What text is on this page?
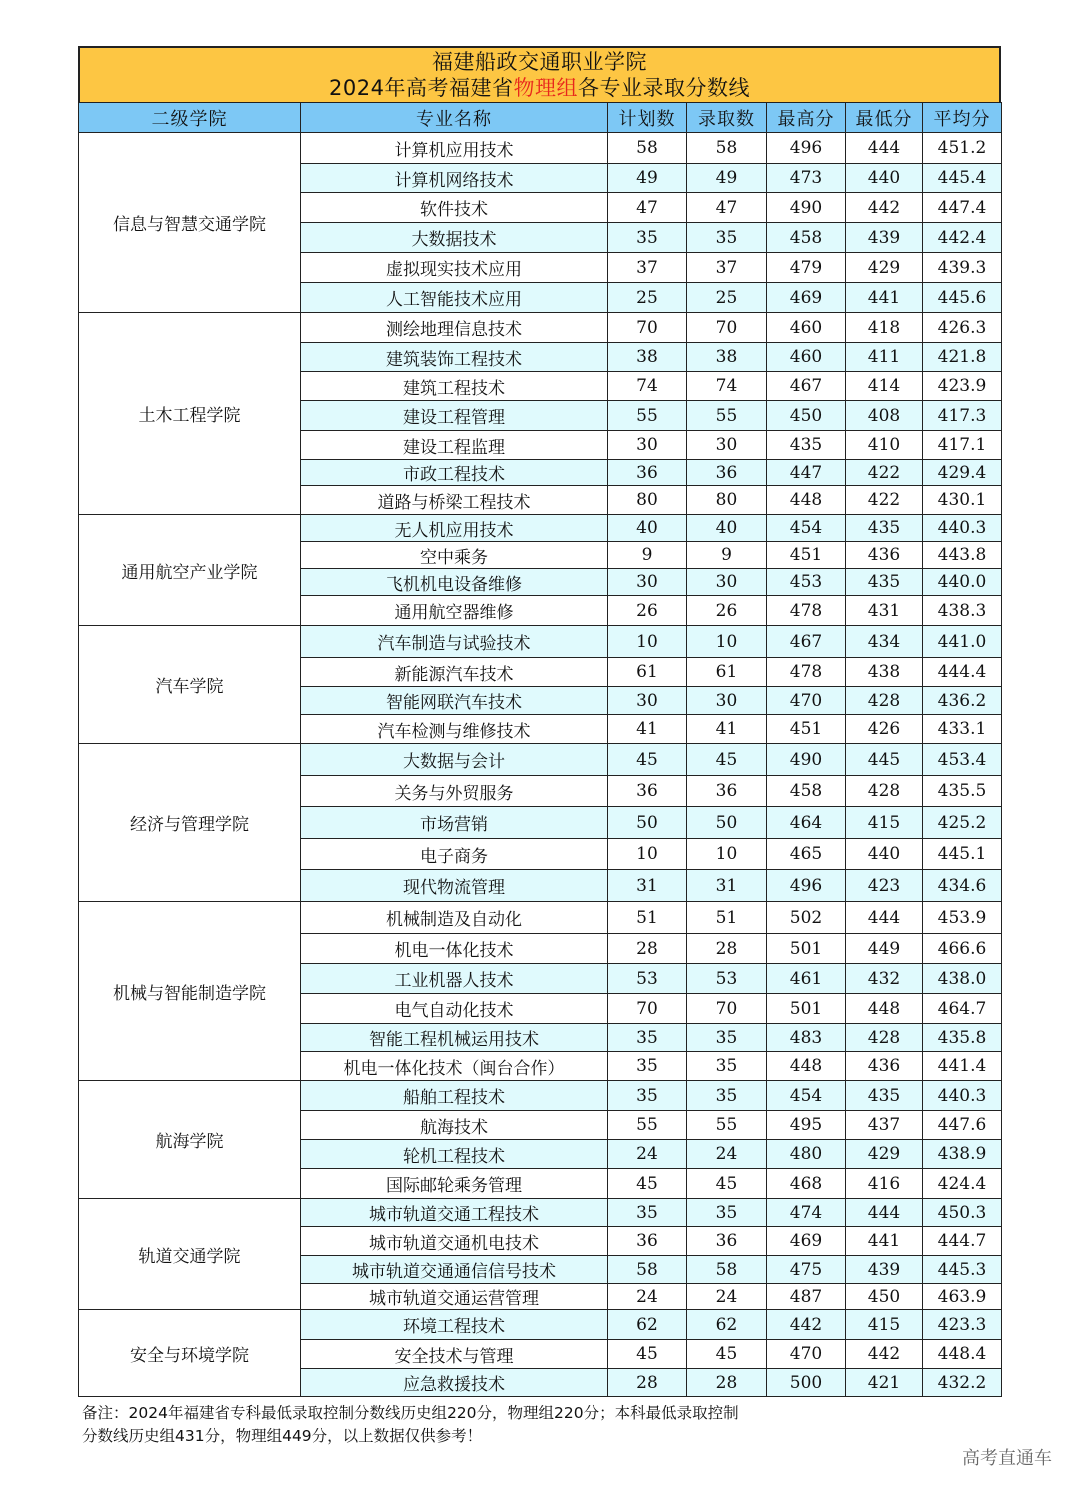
福建船政交通职业学院
2024年高考福建省物理组各专业录取分数线
二级学院	专业名称	计划数	录取数	最高分	最低分	平均分
信息与智慧交通学院	计算机应用技术	58	58	496	444	451.2
	计算机网络技术	49	49	473	440	445.4
	软件技术	47	47	490	442	447.4
	大数据技术	35	35	458	439	442.4
	虚拟现实技术应用	37	37	479	429	439.3
	人工智能技术应用	25	25	469	441	445.6
土木工程学院	测绘地理信息技术	70	70	460	418	426.3
	建筑装饰工程技术	38	38	460	411	421.8
	建筑工程技术	74	74	467	414	423.9
	建设工程管理	55	55	450	408	417.3
	建设工程监理	30	30	435	410	417.1
	市政工程技术	36	36	447	422	429.4
	道路与桥梁工程技术	80	80	448	422	430.1
通用航空产业学院	无人机应用技术	40	40	454	435	440.3
	空中乘务	9	9	451	436	443.8
	飞机机电设备维修	30	30	453	435	440.0
	通用航空器维修	26	26	478	431	438.3
汽车学院	汽车制造与试验技术	10	10	467	434	441.0
	新能源汽车技术	61	61	478	438	444.4
	智能网联汽车技术	30	30	470	428	436.2
	汽车检测与维修技术	41	41	451	426	433.1
经济与管理学院	大数据与会计	45	45	490	445	453.4
	关务与外贸服务	36	36	458	428	435.5
	市场营销	50	50	464	415	425.2
	电子商务	10	10	465	440	445.1
	现代物流管理	31	31	496	423	434.6
机械与智能制造学院	机械制造及自动化	51	51	502	444	453.9
	机电一体化技术	28	28	501	449	466.6
	工业机器人技术	53	53	461	432	438.0
	电气自动化技术	70	70	501	448	464.7
	智能工程机械运用技术	35	35	483	428	435.8
	机电一体化技术（闽台合作）	35	35	448	436	441.4
航海学院	船舶工程技术	35	35	454	435	440.3
	航海技术	55	55	495	437	447.6
	轮机工程技术	24	24	480	429	438.9
	国际邮轮乘务管理	45	45	468	416	424.4
轨道交通学院	城市轨道交通工程技术	35	35	474	444	450.3
	城市轨道交通机电技术	36	36	469	441	444.7
	城市轨道交通通信信号技术	58	58	475	439	445.3
	城市轨道交通运营管理	24	24	487	450	463.9
安全与环境学院	环境工程技术	62	62	442	415	423.3
	安全技术与管理	45	45	470	442	448.4
	应急救援技术	28	28	500	421	432.2
备注：2024年福建省专科最低录取控制分数线历史组220分，物理组220分；本科最低录取控制
分数线历史组431分，物理组449分，以上数据仅供参考！
高考直通车
